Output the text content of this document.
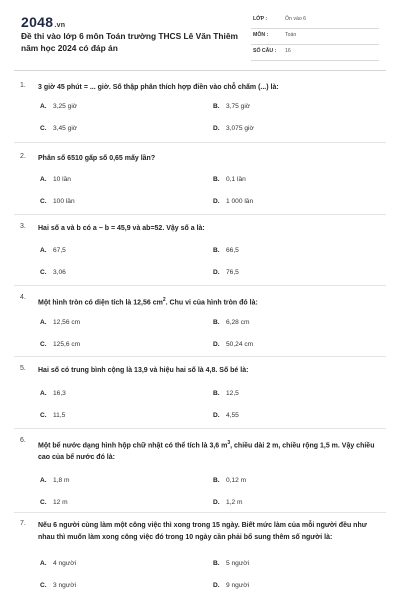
2048.vn
Đề thi vào lớp 6 môn Toán trường THCS Lê Văn Thiêm năm học 2024 có đáp án
LỚP :	Ôn vào 6
MÔN :	Toán
SỐ CÂU : 16
1. 3 giờ 45 phút = ... giờ. Số thập phân thích hợp điền vào chỗ chấm (...) là:
A. 3,25 giờ	B. 3,75 giờ
C. 3,45 giờ	D. 3,075 giờ
2. Phân số 6510 gấp số 0,65 mấy lần?
A. 10 lần	B. 0,1 lần
C. 100 lần	D. 1 000 lần
3. Hai số a và b có a − b = 45,9 và ab=52. Vậy số a là:
A. 67,5	B. 66,5
C. 3,06	D. 76,5
4.
Một hình tròn có diện tích là 12,56 $cm^2$. Chu vi của hình tròn đó là:
A. 12,56 cm	B. 6,28 cm
C. 125,6 cm	D. 50,24 cm
5. Hai số có trung bình cộng là 13,9 và hiệu hai số là 4,8. Số bé là:
A. 16,3	B. 12,5
C. 11,5	D. 4,55
6.
Một bể nước dạng hình hộp chữ nhật có thể tích là 3,6 $m^3$, chiều dài 2 m, chiều rộng 1,5 m. Vậy chiều cao của bể nước đó là:
A. 1,8 m	B. 0,12 m
C. 12 m	D. 1,2 m
7. Nếu 6 người cùng làm một công việc thì xong trong 15 ngày. Biết mức làm của mỗi người đều như nhau thì muốn làm xong công việc đó trong 10 ngày cần phải bổ sung thêm số người là:
A. 4 người	B. 5 người
C. 3 người	D. 9 người
